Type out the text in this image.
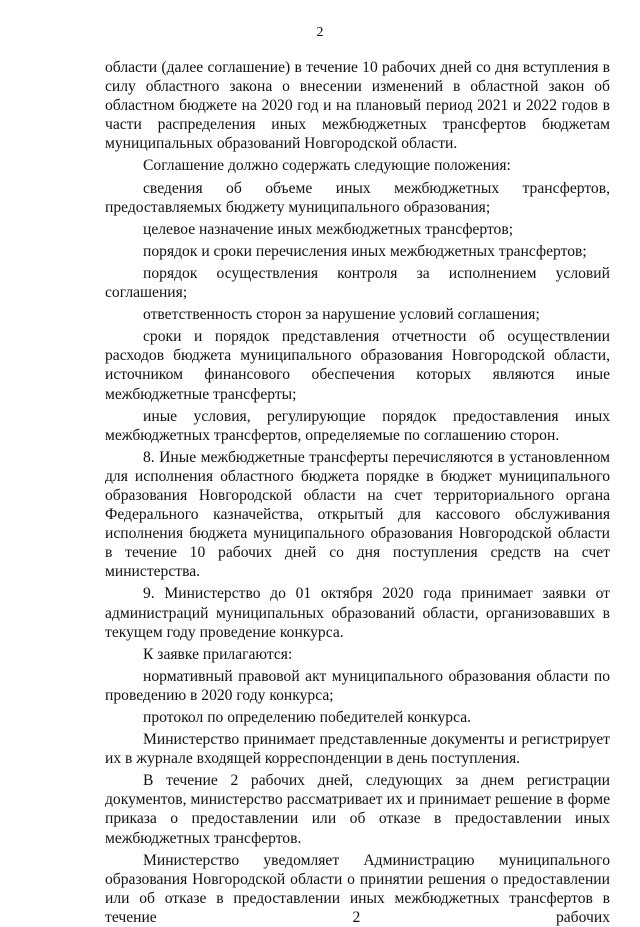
2

области (далее соглашение) в течение 10 рабочих дней со дня вступления в силу областного закона о внесении изменений в областной закон об областном бюджете на 2020 год и на плановый период 2021 и 2022 годов в части распределения иных межбюджетных трансфертов бюджетам муниципальных образований Новгородской области.

Соглашение должно содержать следующие положения:

сведения об объеме иных межбюджетных трансфертов, предоставляемых бюджету муниципального образования;

целевое назначение иных межбюджетных трансфертов;

порядок и сроки перечисления иных межбюджетных трансфертов;

порядок осуществления контроля за исполнением условий соглашения;

ответственность сторон за нарушение условий соглашения;

сроки и порядок представления отчетности об осуществлении расходов бюджета муниципального образования Новгородской области, источником финансового обеспечения которых являются иные межбюджетные трансферты;

иные условия, регулирующие порядок предоставления иных межбюджетных трансфертов, определяемые по соглашению сторон.

8. Иные межбюджетные трансферты перечисляются в установленном для исполнения областного бюджета порядке в бюджет муниципального образования Новгородской области на счет территориального органа Федерального казначейства, открытый для кассового обслуживания исполнения бюджета муниципального образования Новгородской области в течение 10 рабочих дней со дня поступления средств на счет министерства.

9. Министерство до 01 октября 2020 года принимает заявки от администраций муниципальных образований области, организовавших в текущем году проведение конкурса.

К заявке прилагаются:

нормативный правовой акт муниципального образования области по проведению в 2020 году конкурса;

протокол по определению победителей конкурса.

Министерство принимает представленные документы и регистрирует их в журнале входящей корреспонденции в день поступления.

В течение 2 рабочих дней, следующих за днем регистрации документов, министерство рассматривает их и принимает решение в форме приказа о предоставлении или об отказе в предоставлении иных межбюджетных трансфертов.

Министерство уведомляет Администрацию муниципального образования Новгородской области о принятии решения о предоставлении или об отказе в предоставлении иных межбюджетных трансфертов в течение 2 рабочих
